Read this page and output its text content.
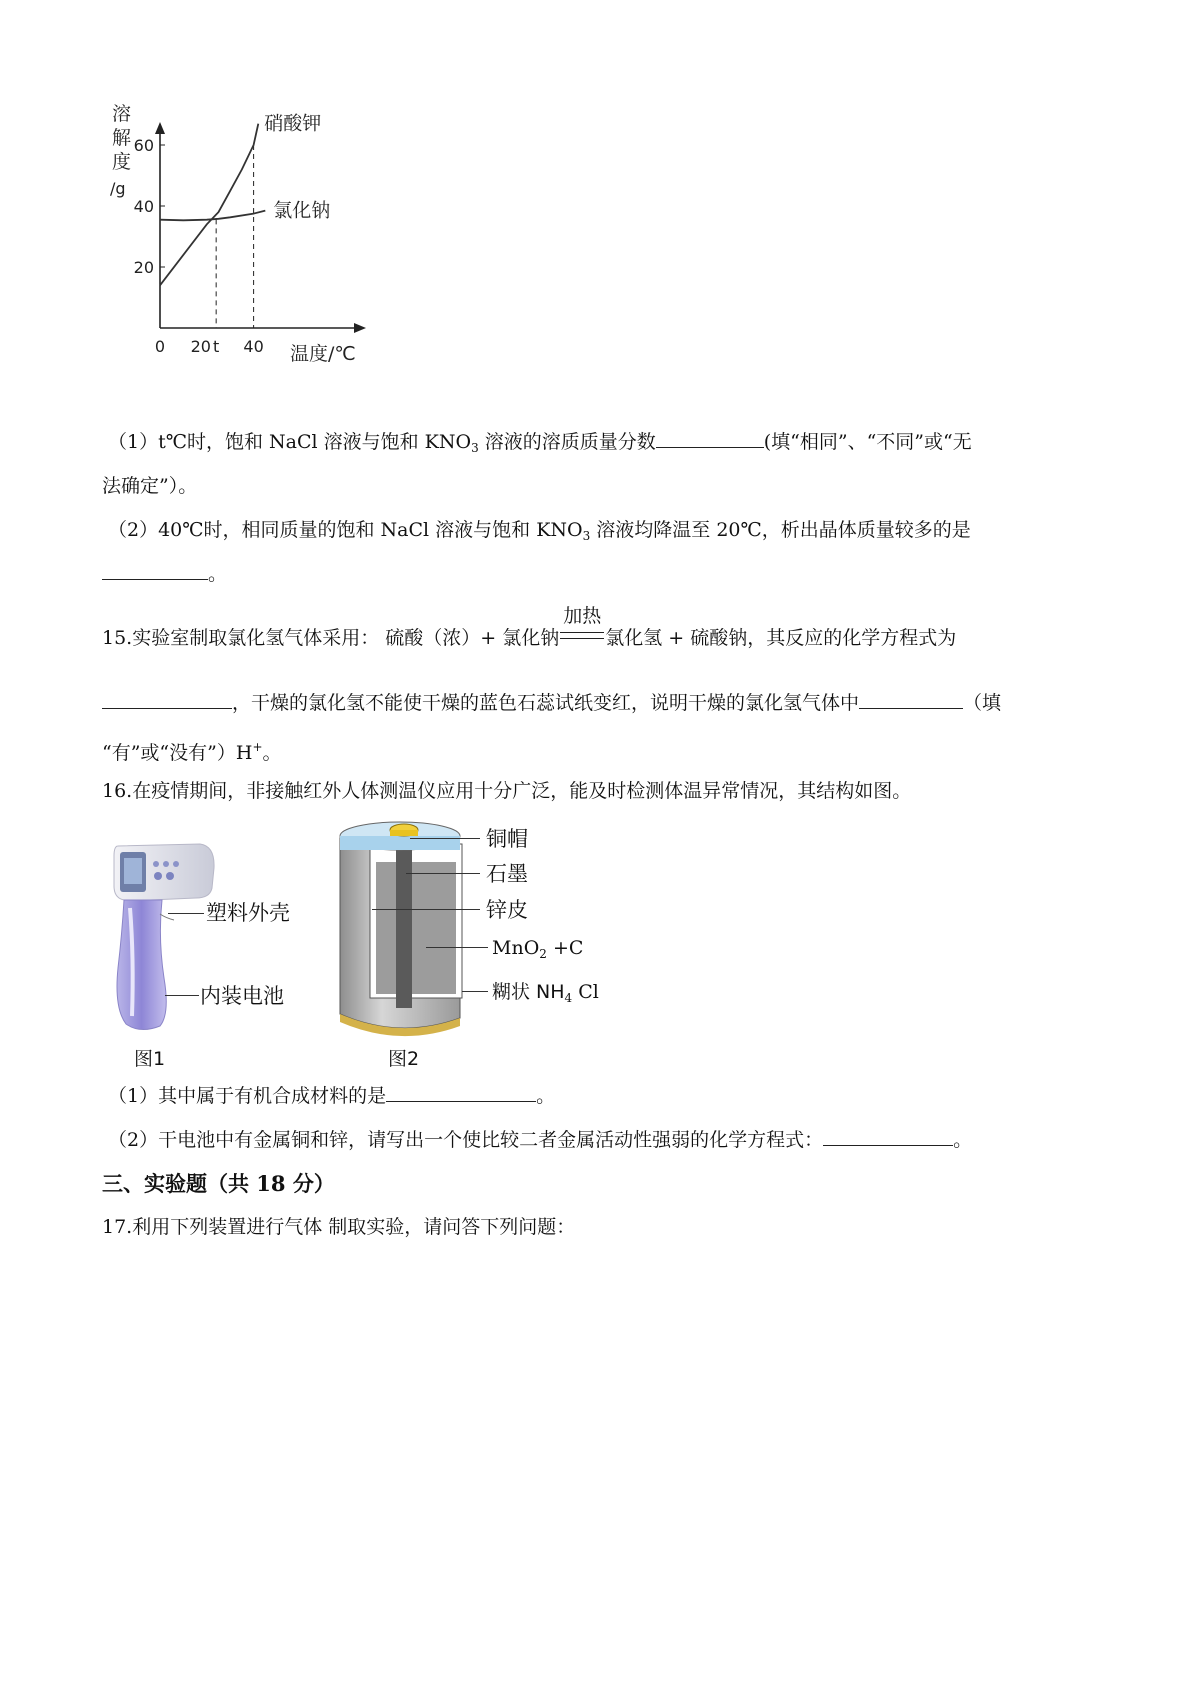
20
40
60
0 20 t 40
硝酸钾
氯化钠
溶
解
度
/g
温度/℃
（1）t℃时，饱和 NaCl 溶液与饱和 $KNO_3$ 溶液的溶质质量分数	(填“相同”、“不同”或“无
法确定”）。
（2）40℃时，相同质量的饱和 NaCl 溶液与饱和 $KNO_3$ 溶液均降温至 20℃，析出晶体质量较多的是
。
15.实验室制取氯化氢气体采用： 硫酸（浓）+ 氯化钠
加热
氯化氢 + 硫酸钠，其反应的化学方程式为
，干燥的氯化氢不能使干燥的蓝色石蕊试纸变红，说明干燥的氯化氢气体中	（填
“有”或“没有”）H+。
16.在疫情期间，非接触红外人体测温仪应用十分广泛，能及时检测体温异常情况，其结构如图。
塑料外壳
内装电池
图1
铜帽
石墨
锌皮
MnO$_2$ +C
糊状 $NH_4$ Cl
图2
（1）其中属于有机合成材料的是	。
（2）干电池中有金属铜和锌，请写出一个使比较二者金属活动性强弱的化学方程式：	。
三、实验题（共 18 分）
17.利用下列装置进行气体 制取实验，请问答下列问题：
